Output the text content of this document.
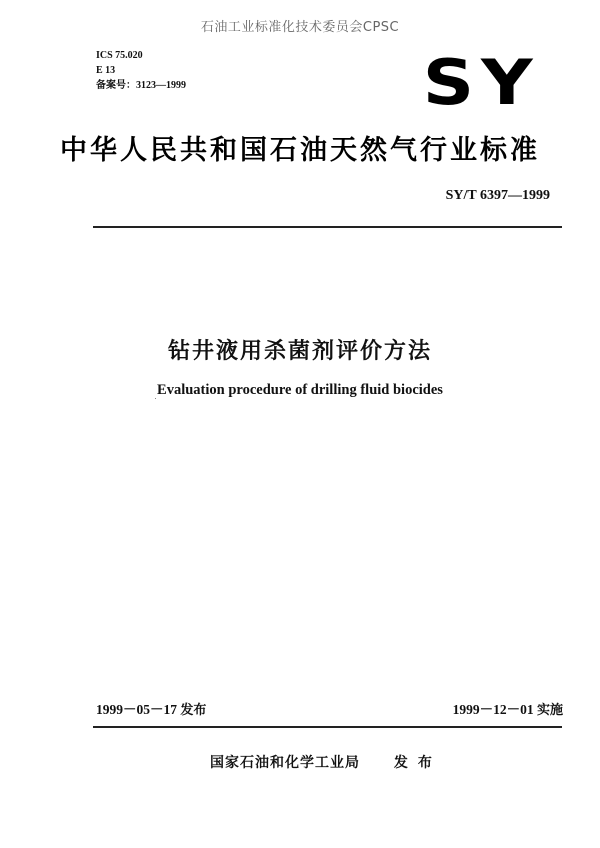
石油工业标准化技术委员会CPSC
ICS 75.020
E 13
备案号：3123—1999	SY
中华人民共和国石油天然气行业标准
SY/T 6397—1999
钻井液用杀菌剂评价方法
Evaluation procedure of drilling fluid biocides
1999－05－17 发布	1999－12－01 实施
国家石油和化学工业局 发布
